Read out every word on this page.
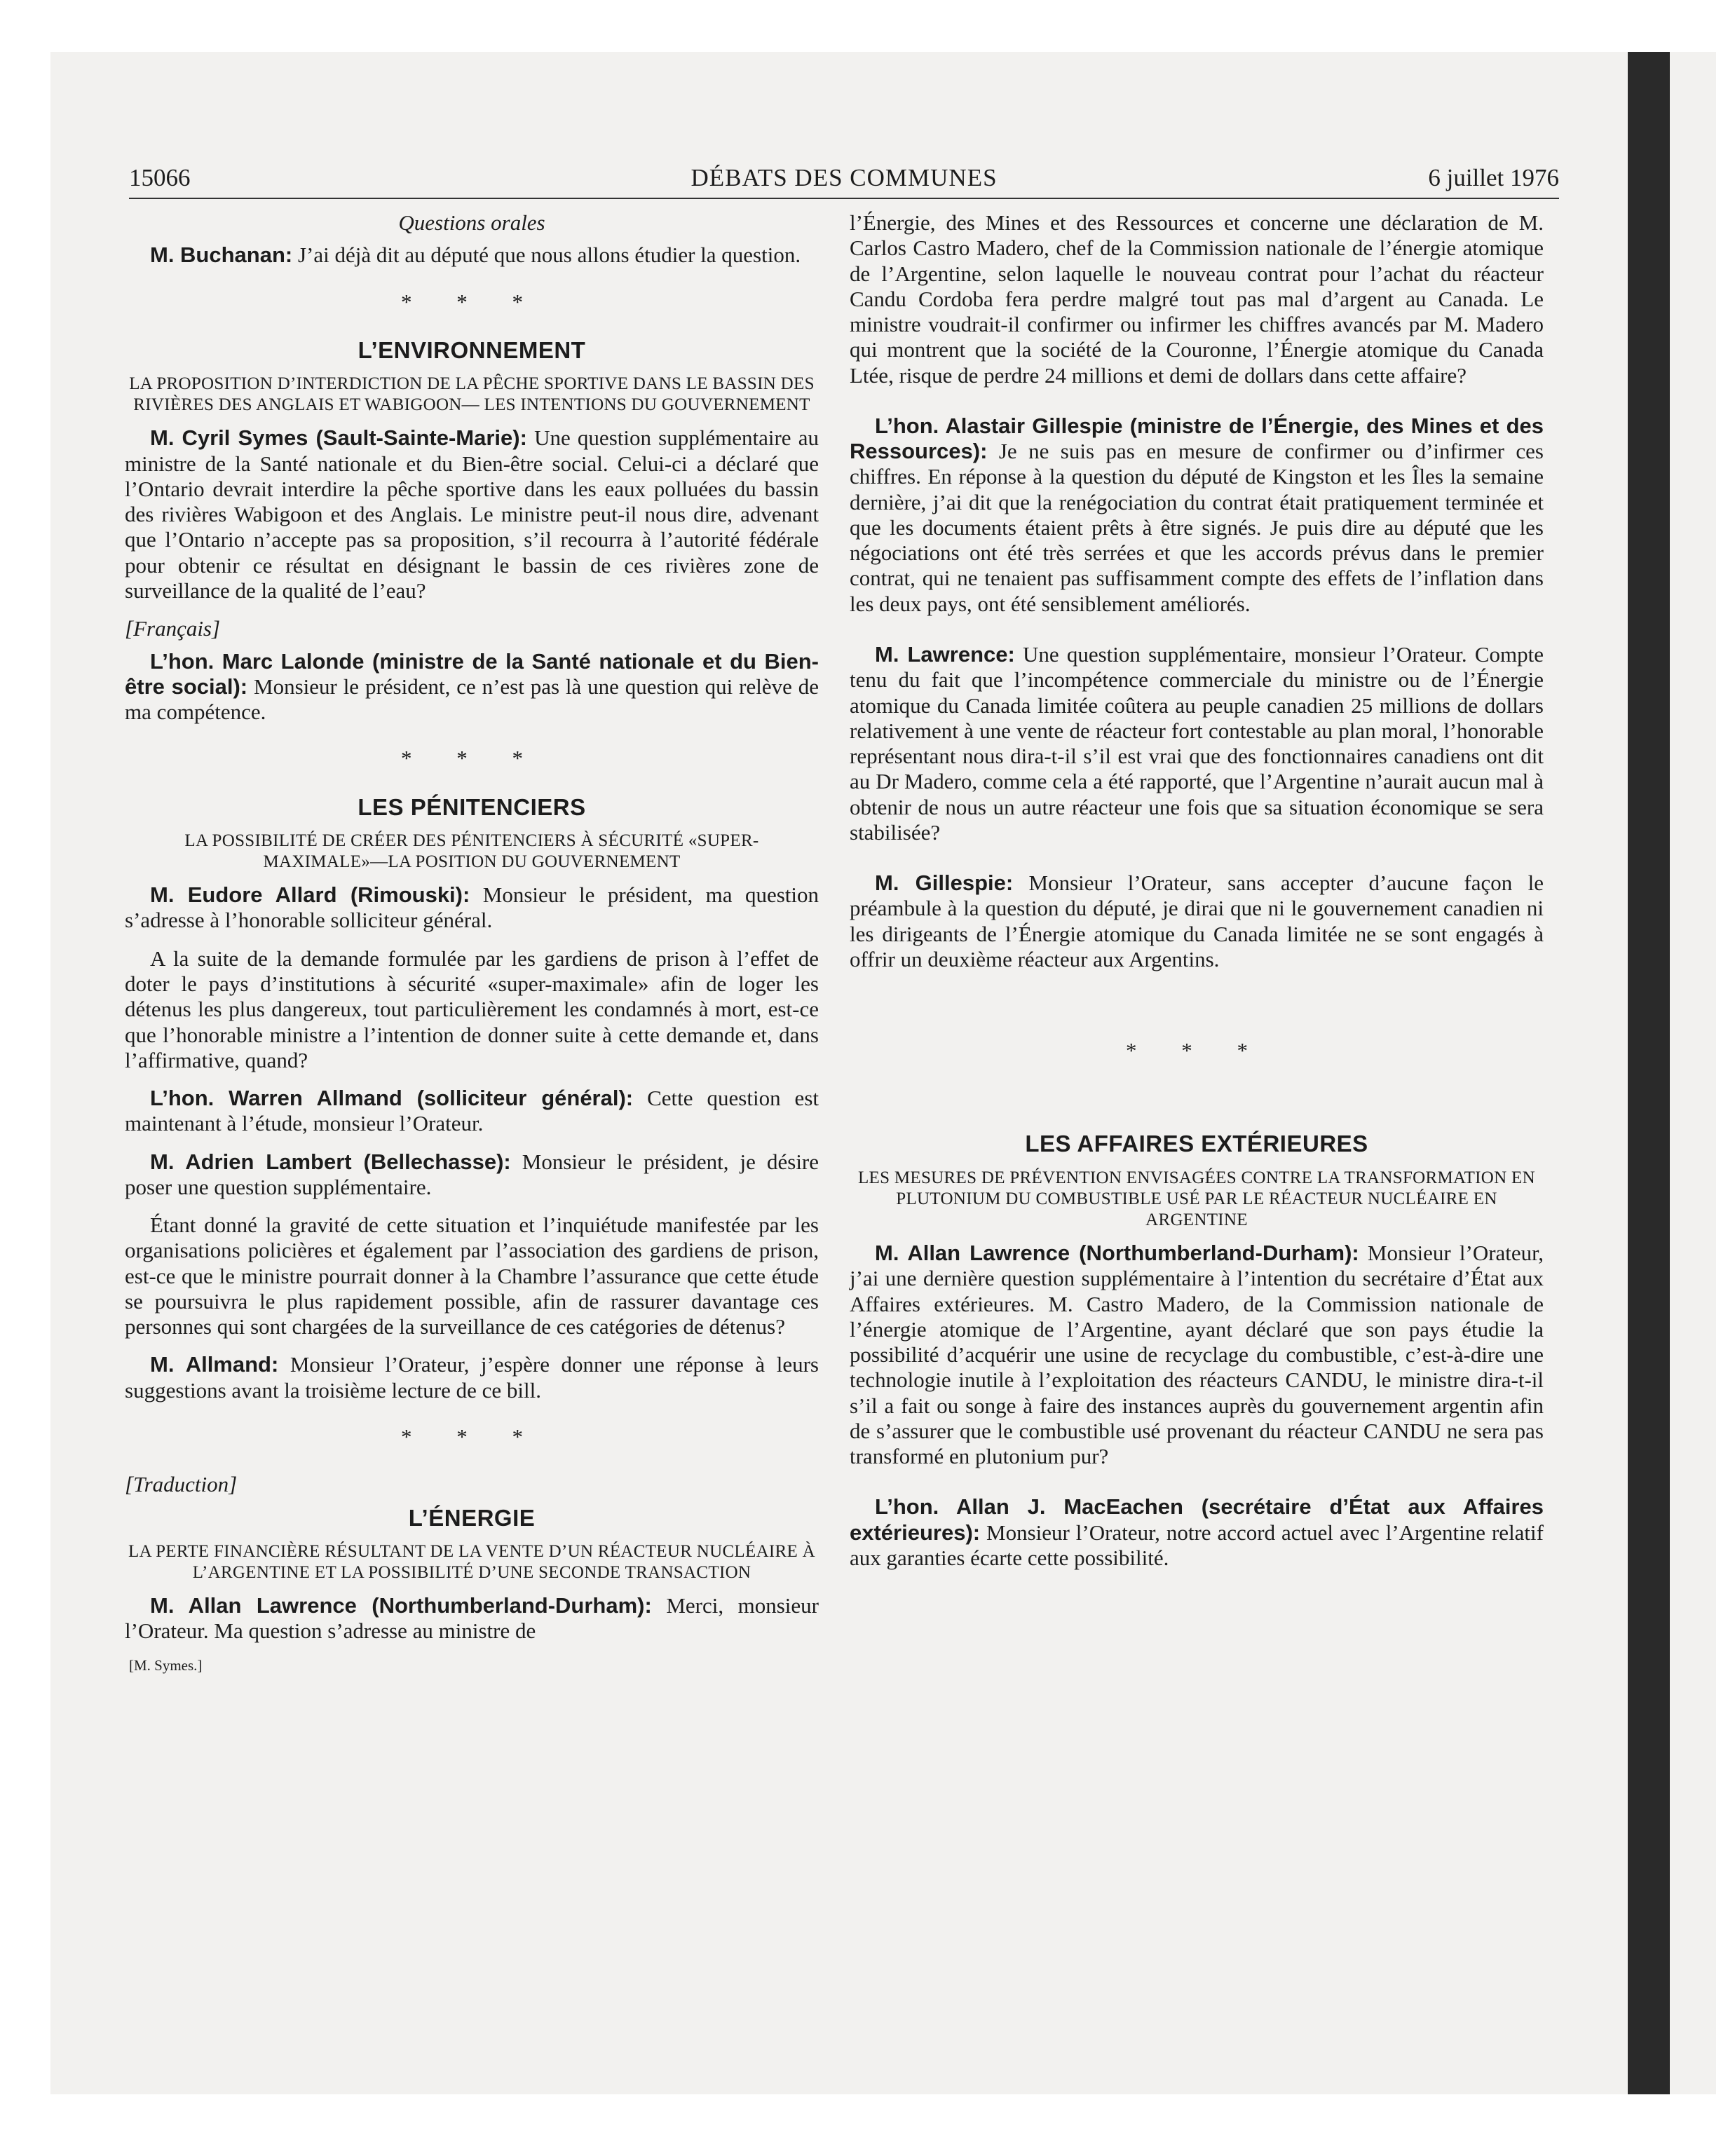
15066	DÉBATS DES COMMUNES	6 juillet 1976
Questions orales

M. Buchanan: J’ai déjà dit au député que nous allons étudier la question.

* * *
L’ENVIRONNEMENT
LA PROPOSITION D’INTERDICTION DE LA PÊCHE SPORTIVE DANS LE BASSIN DES RIVIÈRES DES ANGLAIS ET WABIGOON— LES INTENTIONS DU GOUVERNEMENT

M. Cyril Symes (Sault-Sainte-Marie): Une question supplémentaire au ministre de la Santé nationale et du Bien-être social. Celui-ci a déclaré que l’Ontario devrait interdire la pêche sportive dans les eaux polluées du bassin des rivières Wabigoon et des Anglais. Le ministre peut-il nous dire, advenant que l’Ontario n’accepte pas sa proposition, s’il recourra à l’autorité fédérale pour obtenir ce résultat en désignant le bassin de ces rivières zone de surveillance de la qualité de l’eau?

[Français]

L’hon. Marc Lalonde (ministre de la Santé nationale et du Bien-être social): Monsieur le président, ce n’est pas là une question qui relève de ma compétence.

* * *
LES PÉNITENCIERS
LA POSSIBILITÉ DE CRÉER DES PÉNITENCIERS À SÉCURITÉ «SUPER-MAXIMALE»—LA POSITION DU GOUVERNEMENT

M. Eudore Allard (Rimouski): Monsieur le président, ma question s’adresse à l’honorable solliciteur général.

A la suite de la demande formulée par les gardiens de prison à l’effet de doter le pays d’institutions à sécurité «super-maximale» afin de loger les détenus les plus dangereux, tout particulièrement les condamnés à mort, est-ce que l’honorable ministre a l’intention de donner suite à cette demande et, dans l’affirmative, quand?

L’hon. Warren Allmand (solliciteur général): Cette question est maintenant à l’étude, monsieur l’Orateur.

M. Adrien Lambert (Bellechasse): Monsieur le président, je désire poser une question supplémentaire.

Étant donné la gravité de cette situation et l’inquiétude manifestée par les organisations policières et également par l’association des gardiens de prison, est-ce que le ministre pourrait donner à la Chambre l’assurance que cette étude se poursuivra le plus rapidement possible, afin de rassurer davantage ces personnes qui sont chargées de la surveillance de ces catégories de détenus?

M. Allmand: Monsieur l’Orateur, j’espère donner une réponse à leurs suggestions avant la troisième lecture de ce bill.

* * *
[Traduction]
L’ÉNERGIE
LA PERTE FINANCIÈRE RÉSULTANT DE LA VENTE D’UN RÉACTEUR NUCLÉAIRE À L’ARGENTINE ET LA POSSIBILITÉ D’UNE SECONDE TRANSACTION

M. Allan Lawrence (Northumberland-Durham): Merci, monsieur l’Orateur. Ma question s’adresse au ministre de

[M. Symes.]

l’Énergie, des Mines et des Ressources et concerne une déclaration de M. Carlos Castro Madero, chef de la Commission nationale de l’énergie atomique de l’Argentine, selon laquelle le nouveau contrat pour l’achat du réacteur Candu Cordoba fera perdre malgré tout pas mal d’argent au Canada. Le ministre voudrait-il confirmer ou infirmer les chiffres avancés par M. Madero qui montrent que la société de la Couronne, l’Énergie atomique du Canada Ltée, risque de perdre 24 millions et demi de dollars dans cette affaire?

L’hon. Alastair Gillespie (ministre de l’Énergie, des Mines et des Ressources): Je ne suis pas en mesure de confirmer ou d’infirmer ces chiffres. En réponse à la question du député de Kingston et les Îles la semaine dernière, j’ai dit que la renégociation du contrat était pratiquement terminée et que les documents étaient prêts à être signés. Je puis dire au député que les négociations ont été très serrées et que les accords prévus dans le premier contrat, qui ne tenaient pas suffisamment compte des effets de l’inflation dans les deux pays, ont été sensiblement améliorés.

M. Lawrence: Une question supplémentaire, monsieur l’Orateur. Compte tenu du fait que l’incompétence commerciale du ministre ou de l’Énergie atomique du Canada limitée coûtera au peuple canadien 25 millions de dollars relativement à une vente de réacteur fort contestable au plan moral, l’honorable représentant nous dira-t-il s’il est vrai que des fonctionnaires canadiens ont dit au Dr Madero, comme cela a été rapporté, que l’Argentine n’aurait aucun mal à obtenir de nous un autre réacteur une fois que sa situation économique se sera stabilisée?

M. Gillespie: Monsieur l’Orateur, sans accepter d’aucune façon le préambule à la question du député, je dirai que ni le gouvernement canadien ni les dirigeants de l’Énergie atomique du Canada limitée ne se sont engagés à offrir un deuxième réacteur aux Argentins.

* * *
LES AFFAIRES EXTÉRIEURES
LES MESURES DE PRÉVENTION ENVISAGÉES CONTRE LA TRANSFORMATION EN PLUTONIUM DU COMBUSTIBLE USÉ PAR LE RÉACTEUR NUCLÉAIRE EN ARGENTINE

M. Allan Lawrence (Northumberland-Durham): Monsieur l’Orateur, j’ai une dernière question supplémentaire à l’intention du secrétaire d’État aux Affaires extérieures. M. Castro Madero, de la Commission nationale de l’énergie atomique de l’Argentine, ayant déclaré que son pays étudie la possibilité d’acquérir une usine de recyclage du combustible, c’est-à-dire une technologie inutile à l’exploitation des réacteurs CANDU, le ministre dira-t-il s’il a fait ou songe à faire des instances auprès du gouvernement argentin afin de s’assurer que le combustible usé provenant du réacteur CANDU ne sera pas transformé en plutonium pur?

L’hon. Allan J. MacEachen (secrétaire d’État aux Affaires extérieures): Monsieur l’Orateur, notre accord actuel avec l’Argentine relatif aux garanties écarte cette possibilité.
